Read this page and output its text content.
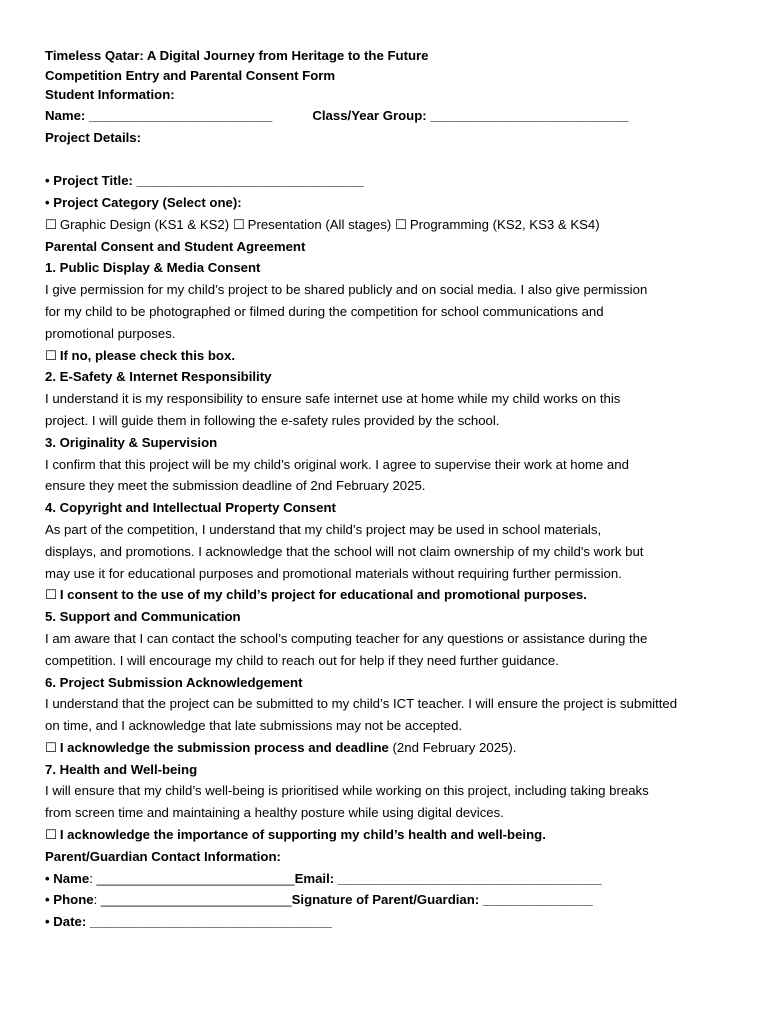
Timeless Qatar: A Digital Journey from Heritage to the Future
Competition Entry and Parental Consent Form
Student Information:
Name: _________________________	Class/Year Group: ___________________________
Project Details:
• Project Title: _______________________________
• Project Category (Select one):
☐ Graphic Design (KS1 & KS2) ☐ Presentation (All stages) ☐ Programming (KS2, KS3 & KS4)
Parental Consent and Student Agreement
1. Public Display & Media Consent
I give permission for my child’s project to be shared publicly and on social media. I also give permission
for my child to be photographed or filmed during the competition for school communications and
promotional purposes.
☐ If no, please check this box.
2. E-Safety & Internet Responsibility
I understand it is my responsibility to ensure safe internet use at home while my child works on this
project. I will guide them in following the e-safety rules provided by the school.
3. Originality & Supervision
I confirm that this project will be my child’s original work. I agree to supervise their work at home and
ensure they meet the submission deadline of 2nd February 2025.
4. Copyright and Intellectual Property Consent
As part of the competition, I understand that my child’s project may be used in school materials,
displays, and promotions. I acknowledge that the school will not claim ownership of my child's work but
may use it for educational purposes and promotional materials without requiring further permission.
☐ I consent to the use of my child’s project for educational and promotional purposes.
5. Support and Communication
I am aware that I can contact the school’s computing teacher for any questions or assistance during the
competition. I will encourage my child to reach out for help if they need further guidance.
6. Project Submission Acknowledgement
I understand that the project can be submitted to my child’s ICT teacher. I will ensure the project is submitted
on time, and I acknowledge that late submissions may not be accepted.
☐ I acknowledge the submission process and deadline (2nd February 2025).
7. Health and Well-being
I will ensure that my child’s well-being is prioritised while working on this project, including taking breaks
from screen time and maintaining a healthy posture while using digital devices.
☐ I acknowledge the importance of supporting my child’s health and well-being.
Parent/Guardian Contact Information:
• Name: ___________________________Email: ____________________________________
• Phone: __________________________Signature of Parent/Guardian: _______________
• Date: _________________________________
